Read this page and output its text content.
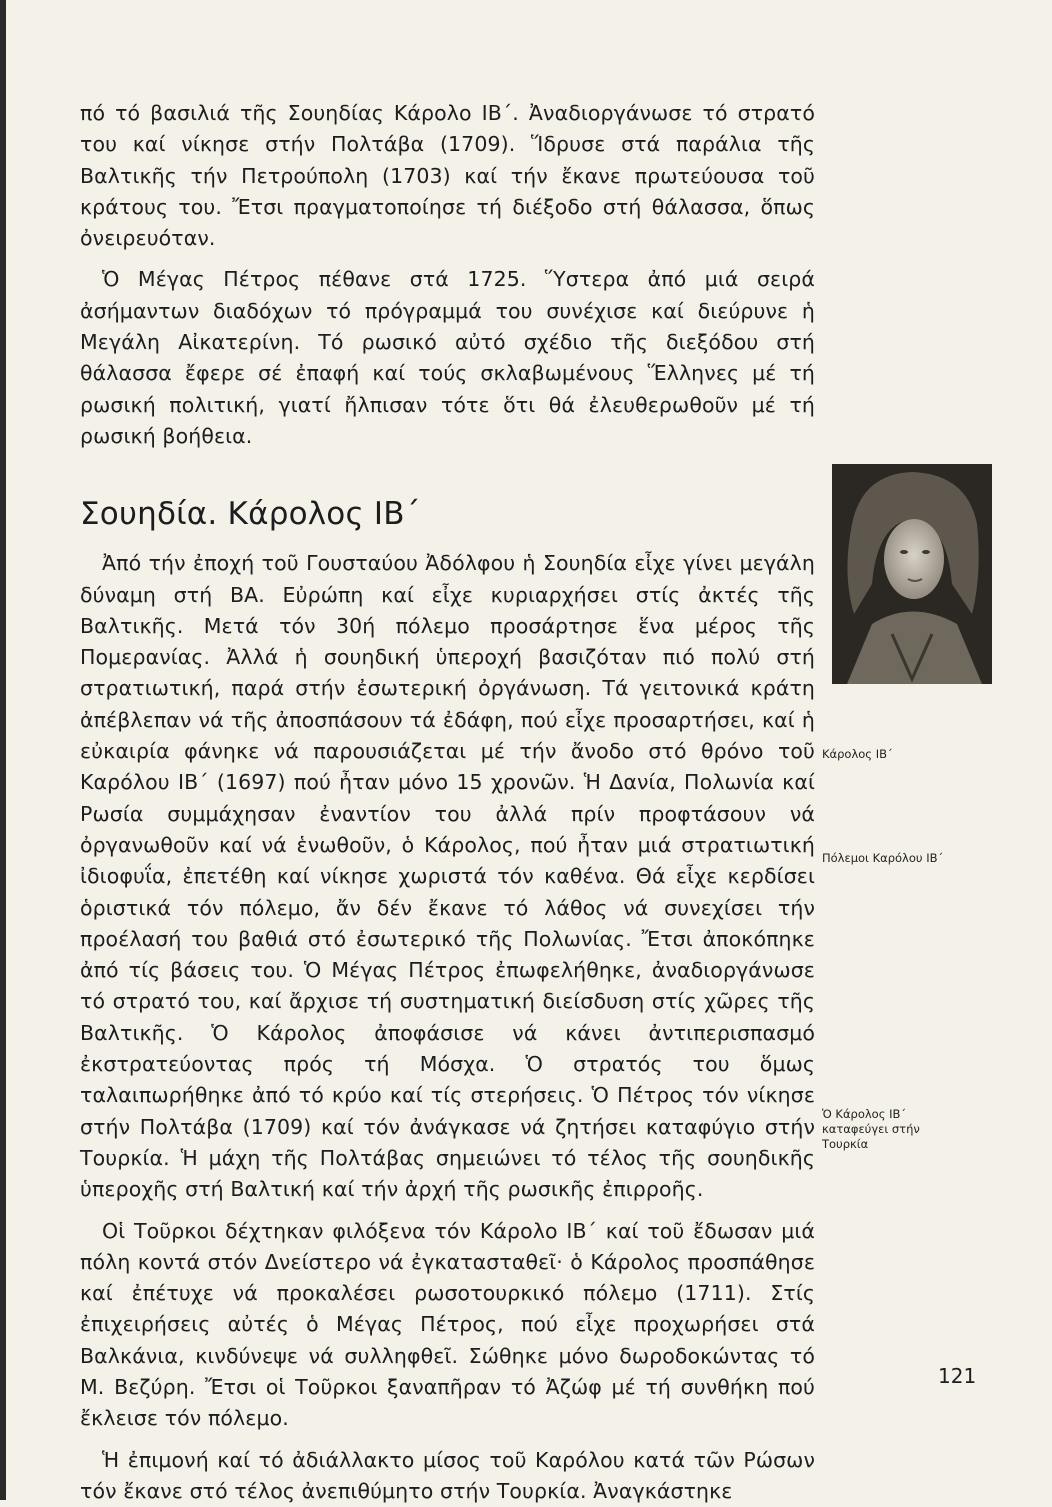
πό τό βασιλιά τῆς Σουηδίας Κάρολο ΙΒ΄. Ἀναδιοργάνωσε τό στρατό του καί νίκησε στήν Πολτάβα (1709). Ἵδρυσε στά παράλια τῆς Βαλτικῆς τήν Πετρούπολη (1703) καί τήν ἔκανε πρωτεύουσα τοῦ κράτους του. Ἔτσι πραγματοποίησε τή διέξοδο στή θάλασσα, ὅπως ὀνειρευόταν.

Ὁ Μέγας Πέτρος πέθανε στά 1725. Ὕστερα ἀπό μιά σειρά ἀσήμαντων διαδόχων τό πρόγραμμά του συνέχισε καί διεύρυνε ἡ Μεγάλη Αἰκατερίνη. Τό ρωσικό αὐτό σχέδιο τῆς διεξόδου στή θάλασσα ἔφερε σέ ἐπαφή καί τούς σκλαβωμένους Ἕλληνες μέ τή ρωσική πολιτική, γιατί ἤλπισαν τότε ὅτι θά ἐλευθερωθοῦν μέ τή ρωσική βοήθεια.

Σουηδία. Κάρολος ΙΒ΄

Ἀπό τήν ἐποχή τοῦ Γουσταύου Ἀδόλφου ἡ Σουηδία εἶχε γίνει μεγάλη δύναμη στή ΒΑ. Εὐρώπη καί εἶχε κυριαρχήσει στίς ἀκτές τῆς Βαλτικῆς. Μετά τόν 30ή πόλεμο προσάρτησε ἕνα μέρος τῆς Πομερανίας. Ἀλλά ἡ σουηδική ὑπεροχή βασιζόταν πιό πολύ στή στρατιωτική, παρά στήν ἐσωτερική ὀργάνωση. Τά γειτονικά κράτη ἀπέβλεπαν νά τῆς ἀποσπάσουν τά ἐδάφη, πού εἶχε προσαρτήσει, καί ἡ εὐκαιρία φάνηκε νά παρουσιάζεται μέ τήν ἄνοδο στό θρόνο τοῦ Καρόλου ΙΒ΄ (1697) πού ἦταν μόνο 15 χρονῶν. Ἡ Δανία, Πολωνία καί Ρωσία συμμάχησαν ἐναντίον του ἀλλά πρίν προφτάσουν νά ὀργανωθοῦν καί νά ἑνωθοῦν, ὁ Κάρολος, πού ἦταν μιά στρατιωτική ἰδιοφυΐα, ἐπετέθη καί νίκησε χωριστά τόν καθένα. Θά εἶχε κερδίσει ὁριστικά τόν πόλεμο, ἄν δέν ἔκανε τό λάθος νά συνεχίσει τήν προέλασή του βαθιά στό ἐσωτερικό τῆς Πολωνίας. Ἔτσι ἀποκόπηκε ἀπό τίς βάσεις του. Ὁ Μέγας Πέτρος ἐπωφελήθηκε, ἀναδιοργάνωσε τό στρατό του, καί ἄρχισε τή συστηματική διείσδυση στίς χῶρες τῆς Βαλτικῆς. Ὁ Κάρολος ἀποφάσισε νά κάνει ἀντιπερισπασμό ἐκστρατεύοντας πρός τή Μόσχα. Ὁ στρατός του ὅμως ταλαιπωρήθηκε ἀπό τό κρύο καί τίς στερήσεις. Ὁ Πέτρος τόν νίκησε στήν Πολτάβα (1709) καί τόν ἀνάγκασε νά ζητήσει καταφύγιο στήν Τουρκία. Ἡ μάχη τῆς Πολτάβας σημειώνει τό τέλος τῆς σουηδικῆς ὑπεροχῆς στή Βαλτική καί τήν ἀρχή τῆς ρωσικῆς ἐπιρροῆς.

Οἱ Τοῦρκοι δέχτηκαν φιλόξενα τόν Κάρολο ΙΒ΄ καί τοῦ ἔδωσαν μιά πόλη κοντά στόν Δνείστερο νά ἐγκατασταθεῖ· ὁ Κάρολος προσπάθησε καί ἐπέτυχε νά προκαλέσει ρωσοτουρκικό πόλεμο (1711). Στίς ἐπιχειρήσεις αὐτές ὁ Μέγας Πέτρος, πού εἶχε προχωρήσει στά Βαλκάνια, κινδύνεψε νά συλληφθεῖ. Σώθηκε μόνο δωροδοκώντας τό Μ. Βεζύρη. Ἔτσι οἱ Τοῦρκοι ξαναπῆραν τό Ἀζώφ μέ τή συνθήκη πού ἔκλεισε τόν πόλεμο.

Ἡ ἐπιμονή καί τό ἀδιάλλακτο μίσος τοῦ Καρόλου κατά τῶν Ρώσων τόν ἔκανε στό τέλος ἀνεπιθύμητο στήν Τουρκία. Ἀναγκάστηκε

Κάρολος ΙΒ΄
Πόλεμοι Καρόλου ΙΒ΄
Ὁ Κάρολος ΙΒ΄ καταφεύγει στήν Τουρκία
121
